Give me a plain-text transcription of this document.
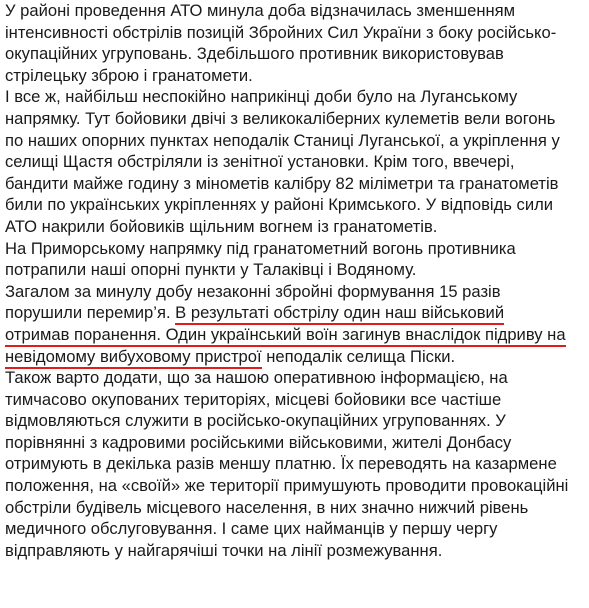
У районі проведення АТО минула доба відзначилась зменшенням
інтенсивності обстрілів позицій Збройних Сил України з боку російсько-
окупаційних угруповань. Здебільшого противник використовував
стрілецьку зброю і гранатомети.
І все ж, найбільш неспокійно наприкінці доби було на Луганському
напрямку. Тут бойовики двічі з великокаліберних кулеметів вели вогонь
по наших опорних пунктах неподалік Станиці Луганської, а укріплення у
селищі Щастя обстріляли із зенітної установки. Крім того, ввечері,
бандити майже годину з мінометів калібру 82 міліметри та гранатометів
били по українських укріпленнях у районі Кримського. У відповідь сили
АТО накрили бойовиків щільним вогнем із гранатометів.
На Приморському напрямку під гранатометний вогонь противника
потрапили наші опорні пункти у Талаківці і Водяному.
Загалом за минулу добу незаконні збройні формування 15 разів
порушили перемир’я. В результаті обстрілу один наш військовий
отримав поранення. Один український воїн загинув внаслідок підриву на
невідомому вибуховому пристрої неподалік селища Піски.
Також варто додати, що за нашою оперативною інформацією, на
тимчасово окупованих територіях, місцеві бойовики все частіше
відмовляються служити в російсько-окупаційних угрупованнях. У
порівнянні з кадровими російськими військовими, жителі Донбасу
отримують в декілька разів меншу платню. Їх переводять на казармене
положення, на «своїй» же території примушують проводити провокаційні
обстріли будівель місцевого населення, в них значно нижчий рівень
медичного обслуговування. І саме цих найманців у першу чергу
відправляють у найгарячіші точки на лінії розмежування.
